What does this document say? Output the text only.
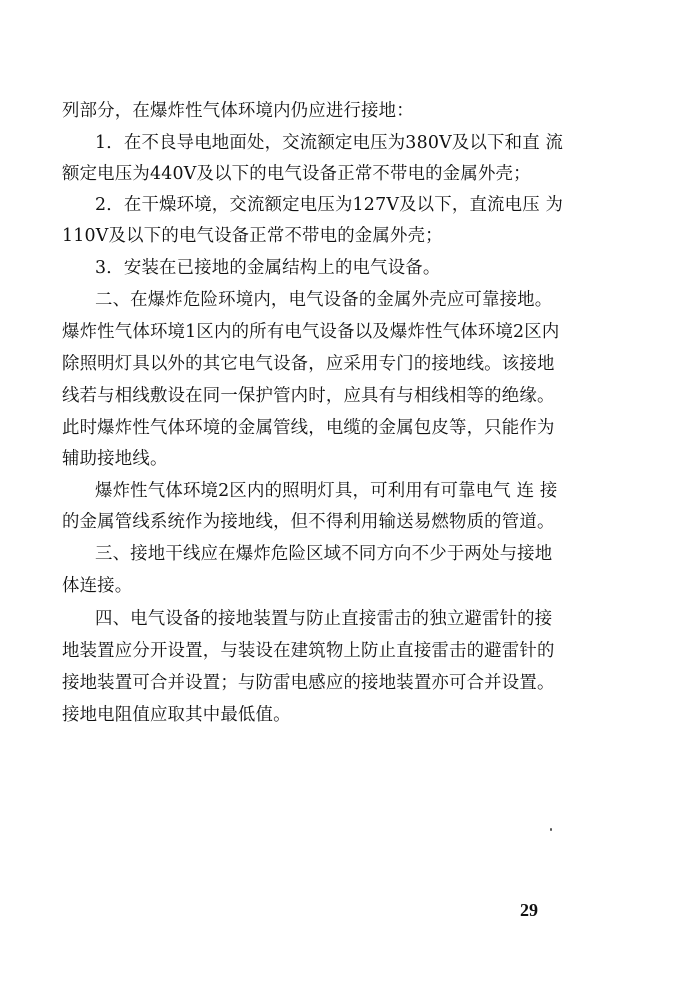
列部分，在爆炸性气体环境内仍应进行接地：
1．在不良导电地面处，交流额定电压为380V及以下和直 流
额定电压为440V及以下的电气设备正常不带电的金属外壳；
2．在干燥环境，交流额定电压为127V及以下，直流电压 为
110V及以下的电气设备正常不带电的金属外壳；
3．安装在已接地的金属结构上的电气设备。
二、在爆炸危险环境内，电气设备的金属外壳应可靠接地。
爆炸性气体环境1区内的所有电气设备以及爆炸性气体环境2区内
除照明灯具以外的其它电气设备，应采用专门的接地线。该接地
线若与相线敷设在同一保护管内时，应具有与相线相等的绝缘。
此时爆炸性气体环境的金属管线，电缆的金属包皮等，只能作为
辅助接地线。
爆炸性气体环境2区内的照明灯具，可利用有可靠电气 连 接
的金属管线系统作为接地线，但不得利用输送易燃物质的管道。
三、接地干线应在爆炸危险区域不同方向不少于两处与接地
体连接。
四、电气设备的接地装置与防止直接雷击的独立避雷针的接
地装置应分开设置，与装设在建筑物上防止直接雷击的避雷针的
接地装置可合并设置；与防雷电感应的接地装置亦可合并设置。
接地电阻值应取其中最低值。
29
